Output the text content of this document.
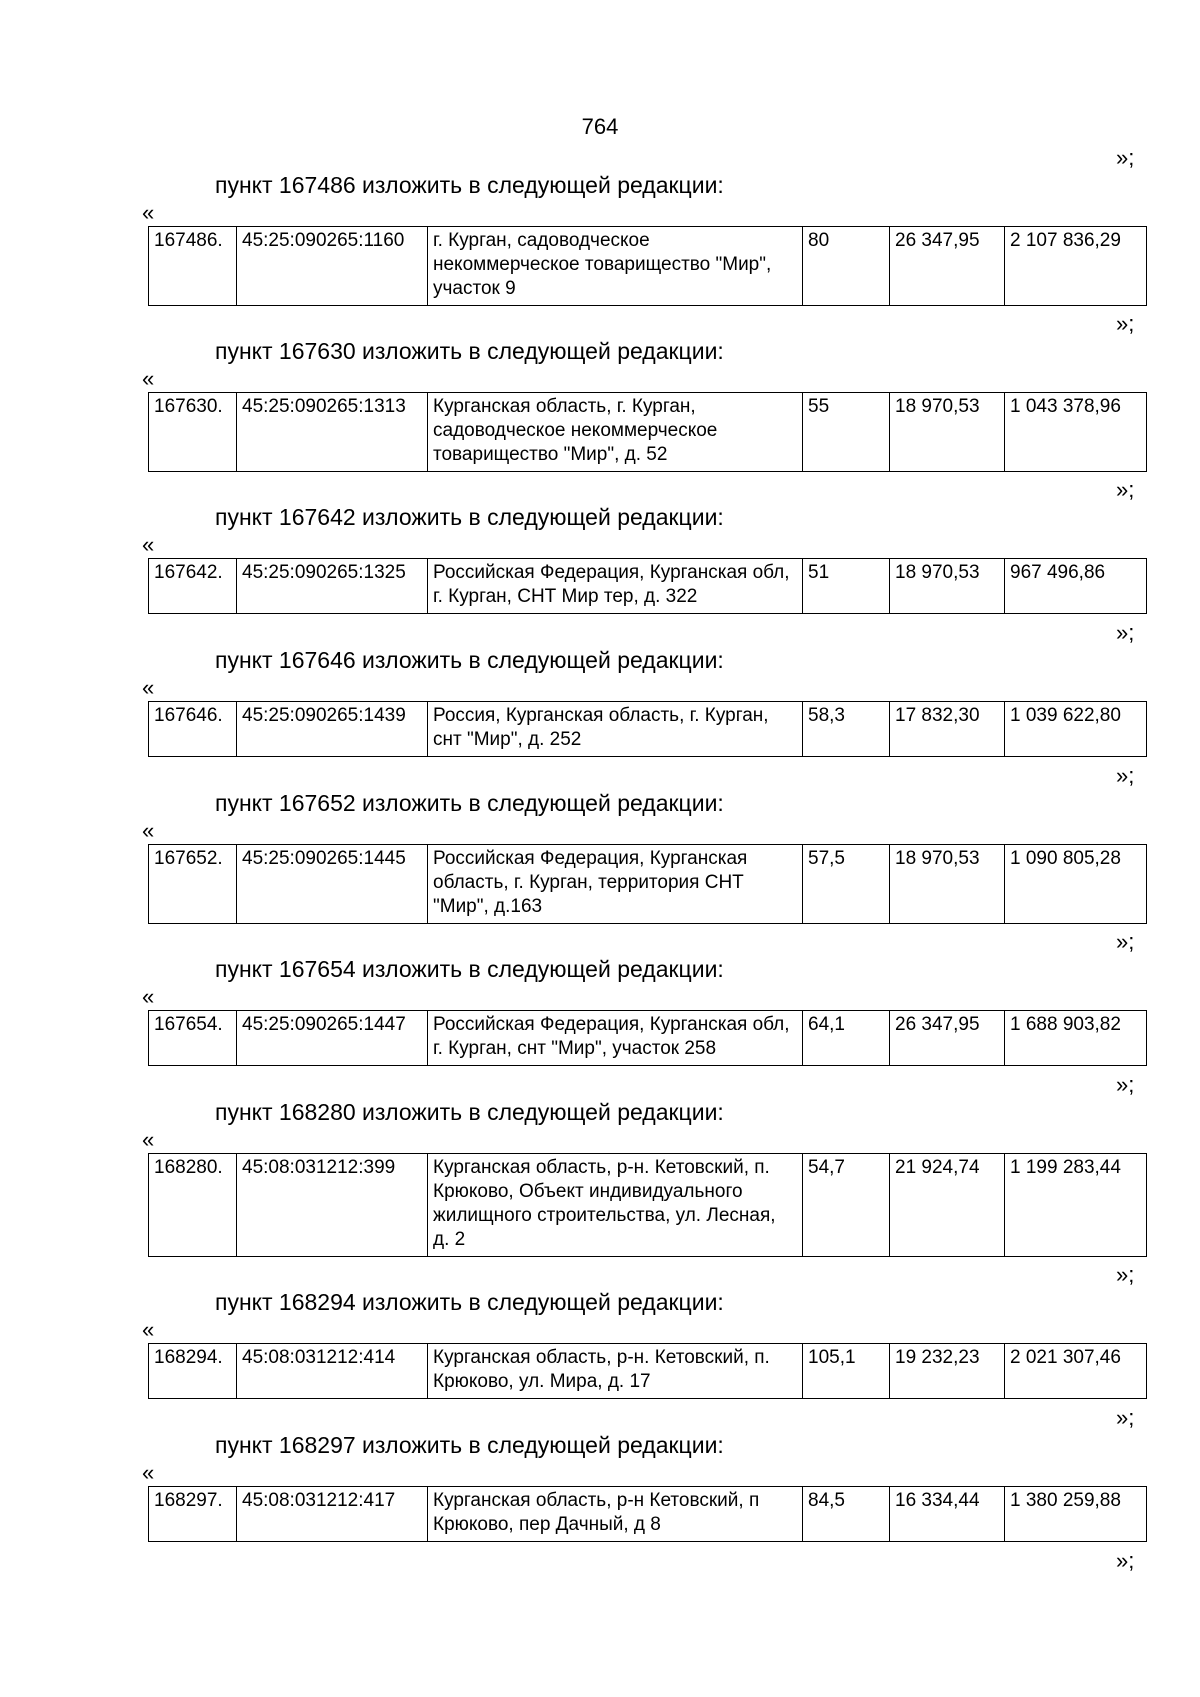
764
»;
пункт 167486 изложить в следующей редакции:
«
167486.	45:25:090265:1160	г. Курган, садоводческое некоммерческое товарищество "Мир", участок 9	80	26 347,95	2 107 836,29
»;
пункт 167630 изложить в следующей редакции:
«
167630.	45:25:090265:1313	Курганская область, г. Курган, садоводческое некоммерческое товарищество "Мир", д. 52	55	18 970,53	1 043 378,96
»;
пункт 167642 изложить в следующей редакции:
«
167642.	45:25:090265:1325	Российская Федерация, Курганская обл, г. Курган, СНТ Мир тер, д. 322	51	18 970,53	967 496,86
»;
пункт 167646 изложить в следующей редакции:
«
167646.	45:25:090265:1439	Россия, Курганская область, г. Курган, снт "Мир", д. 252	58,3	17 832,30	1 039 622,80
»;
пункт 167652 изложить в следующей редакции:
«
167652.	45:25:090265:1445	Российская Федерация, Курганская область, г. Курган, территория СНТ "Мир", д.163	57,5	18 970,53	1 090 805,28
»;
пункт 167654 изложить в следующей редакции:
«
167654.	45:25:090265:1447	Российская Федерация, Курганская обл, г. Курган, снт "Мир", участок 258	64,1	26 347,95	1 688 903,82
»;
пункт 168280 изложить в следующей редакции:
«
168280.	45:08:031212:399	Курганская область, р-н. Кетовский, п. Крюково, Объект индивидуального жилищного строительства, ул. Лесная, д. 2	54,7	21 924,74	1 199 283,44
»;
пункт 168294 изложить в следующей редакции:
«
168294.	45:08:031212:414	Курганская область, р-н. Кетовский, п. Крюково, ул. Мира, д. 17	105,1	19 232,23	2 021 307,46
»;
пункт 168297 изложить в следующей редакции:
«
168297.	45:08:031212:417	Курганская область, р-н Кетовский, п Крюково, пер Дачный, д 8	84,5	16 334,44	1 380 259,88
»;
